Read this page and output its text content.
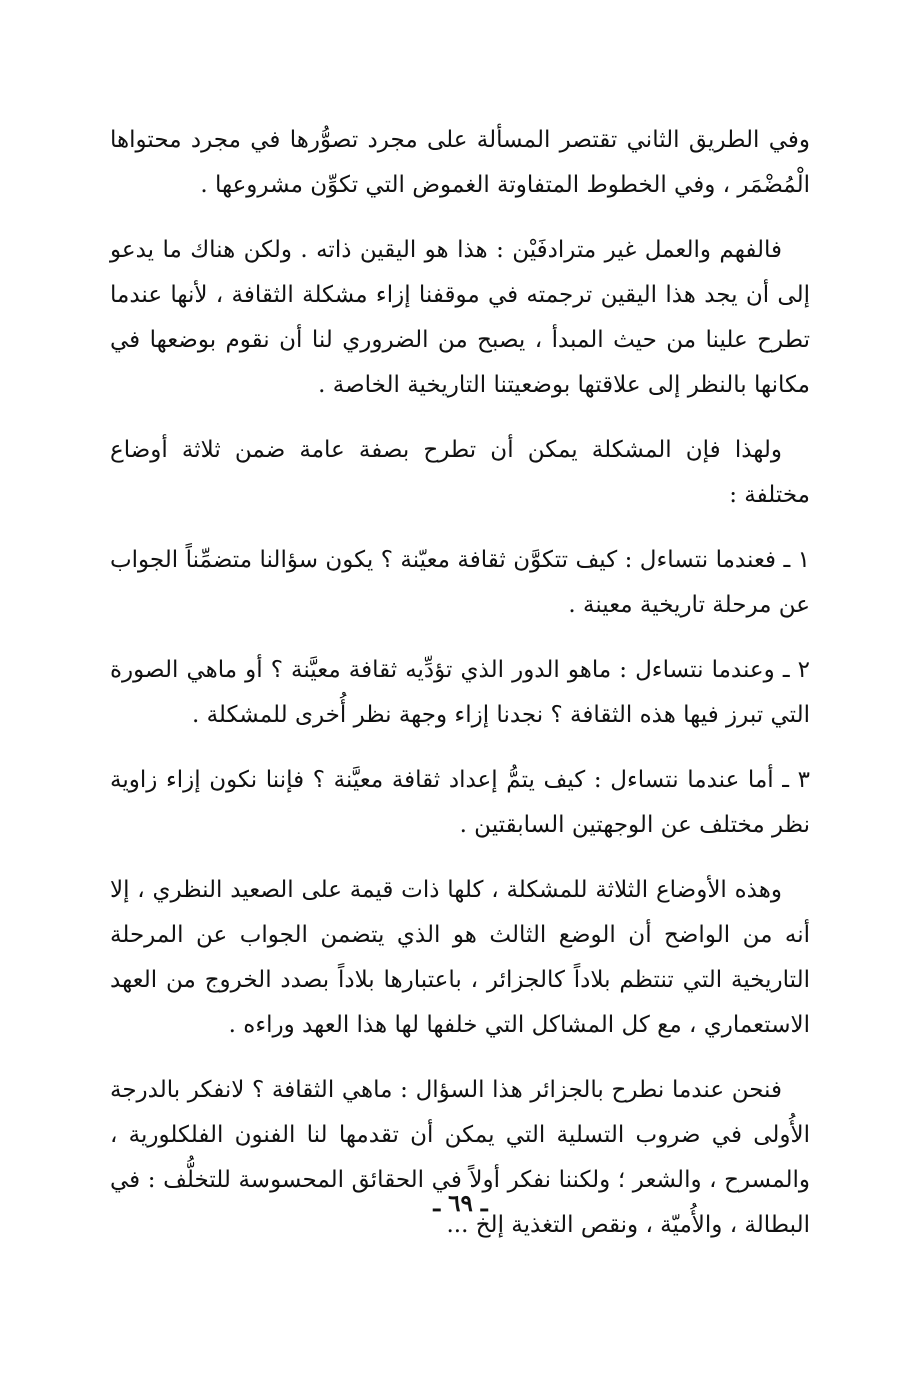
وفي الطريق الثاني تقتصر المسألة على مجرد تصوُّرها في مجرد محتواها الْمُضْمَر ، وفي الخطوط المتفاوتة الغموض التي تكوِّن مشروعها .

فالفهم والعمل غير مترادفَيْن : هذا هو اليقين ذاته . ولكن هناك ما يدعو إلى أن يجد هذا اليقين ترجمته في موقفنا إزاء مشكلة الثقافة ، لأنها عندما تطرح علينا من حيث المبدأ ، يصبح من الضروري لنا أن نقوم بوضعها في مكانها بالنظر إلى علاقتها بوضعيتنا التاريخية الخاصة .

ولهذا فإن المشكلة يمكن أن تطرح بصفة عامة ضمن ثلاثة أوضاع مختلفة :

١ ـ فعندما نتساءل : كيف تتكوَّن ثقافة معيّنة ؟ يكون سؤالنا متضمِّناً الجواب عن مرحلة تاريخية معينة .

٢ ـ وعندما نتساءل : ماهو الدور الذي تؤدِّيه ثقافة معيَّنة ؟ أو ماهي الصورة التي تبرز فيها هذه الثقافة ؟ نجدنا إزاء وجهة نظر أُخرى للمشكلة .

٣ ـ أما عندما نتساءل : كيف يتمُّ إعداد ثقافة معيَّنة ؟ فإننا نكون إزاء زاوية نظر مختلف عن الوجهتين السابقتين .

وهذه الأوضاع الثلاثة للمشكلة ، كلها ذات قيمة على الصعيد النظري ، إلا أنه من الواضح أن الوضع الثالث هو الذي يتضمن الجواب عن المرحلة التاريخية التي تنتظم بلاداً كالجزائر ، باعتبارها بلاداً بصدد الخروج من العهد الاستعماري ، مع كل المشاكل التي خلفها لها هذا العهد وراءه .

فنحن عندما نطرح بالجزائر هذا السؤال : ماهي الثقافة ؟ لانفكر بالدرجة الأُولى في ضروب التسلية التي يمكن أن تقدمها لنا الفنون الفلكلورية ، والمسرح ، والشعر ؛ ولكننا نفكر أولاً في الحقائق المحسوسة للتخلُّف : في البطالة ، والأُميّة ، ونقص التغذية إلخ ...

ـ ٦٩ ـ
